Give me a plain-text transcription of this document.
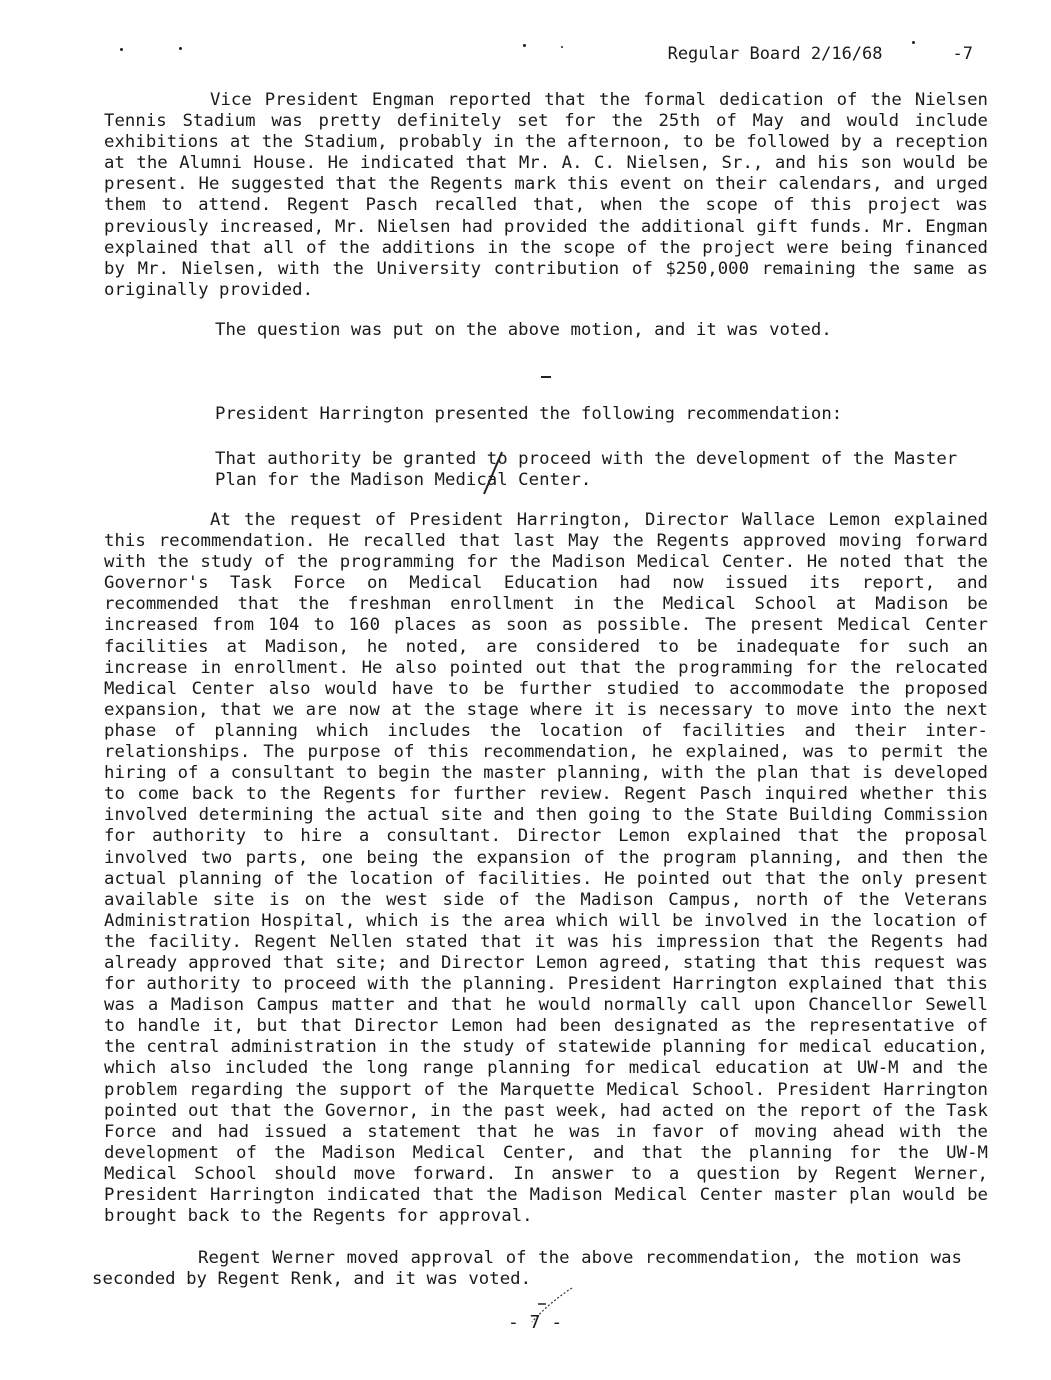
Regular Board 2/16/68	-7

Vice President Engman reported that the formal dedication of the Nielsen Tennis Stadium was pretty definitely set for the 25th of May and would include exhibitions at the Stadium, probably in the afternoon, to be followed by a reception at the Alumni House. He indicated that Mr. A. C. Nielsen, Sr., and his son would be present. He suggested that the Regents mark this event on their calendars, and urged them to attend. Regent Pasch recalled that, when the scope of this project was previously increased, Mr. Nielsen had provided the additional gift funds. Mr. Engman explained that all of the additions in the scope of the project were being financed by Mr. Nielsen, with the University contribution of $250,000 remaining the same as originally provided.

The question was put on the above motion, and it was voted.

President Harrington presented the following recommendation:

That authority be granted to proceed with the development of the Master Plan for the Madison Medical Center.

At the request of President Harrington, Director Wallace Lemon explained this recommendation. He recalled that last May the Regents approved moving forward with the study of the programming for the Madison Medical Center. He noted that the Governor's Task Force on Medical Education had now issued its report, and recommended that the freshman enrollment in the Medical School at Madison be increased from 104 to 160 places as soon as possible. The present Medical Center facilities at Madison, he noted, are considered to be inadequate for such an increase in enrollment. He also pointed out that the programming for the relocated Medical Center also would have to be further studied to accommodate the proposed expansion, that we are now at the stage where it is necessary to move into the next phase of planning which includes the location of facilities and their inter-relationships. The purpose of this recommendation, he explained, was to permit the hiring of a consultant to begin the master planning, with the plan that is developed to come back to the Regents for further review. Regent Pasch inquired whether this involved determining the actual site and then going to the State Building Commission for authority to hire a consultant. Director Lemon explained that the proposal involved two parts, one being the expansion of the program planning, and then the actual planning of the location of facilities. He pointed out that the only present available site is on the west side of the Madison Campus, north of the Veterans Administration Hospital, which is the area which will be involved in the location of the facility. Regent Nellen stated that it was his impression that the Regents had already approved that site; and Director Lemon agreed, stating that this request was for authority to proceed with the planning. President Harrington explained that this was a Madison Campus matter and that he would normally call upon Chancellor Sewell to handle it, but that Director Lemon had been designated as the representative of the central administration in the study of statewide planning for medical education, which also included the long range planning for medical education at UW-M and the problem regarding the support of the Marquette Medical School. President Harrington pointed out that the Governor, in the past week, had acted on the report of the Task Force and had issued a statement that he was in favor of moving ahead with the development of the Madison Medical Center, and that the planning for the UW-M Medical School should move forward. In answer to a question by Regent Werner, President Harrington indicated that the Madison Medical Center master plan would be brought back to the Regents for approval.

Regent Werner moved approval of the above recommendation, the motion was seconded by Regent Renk, and it was voted.

- 7 -
